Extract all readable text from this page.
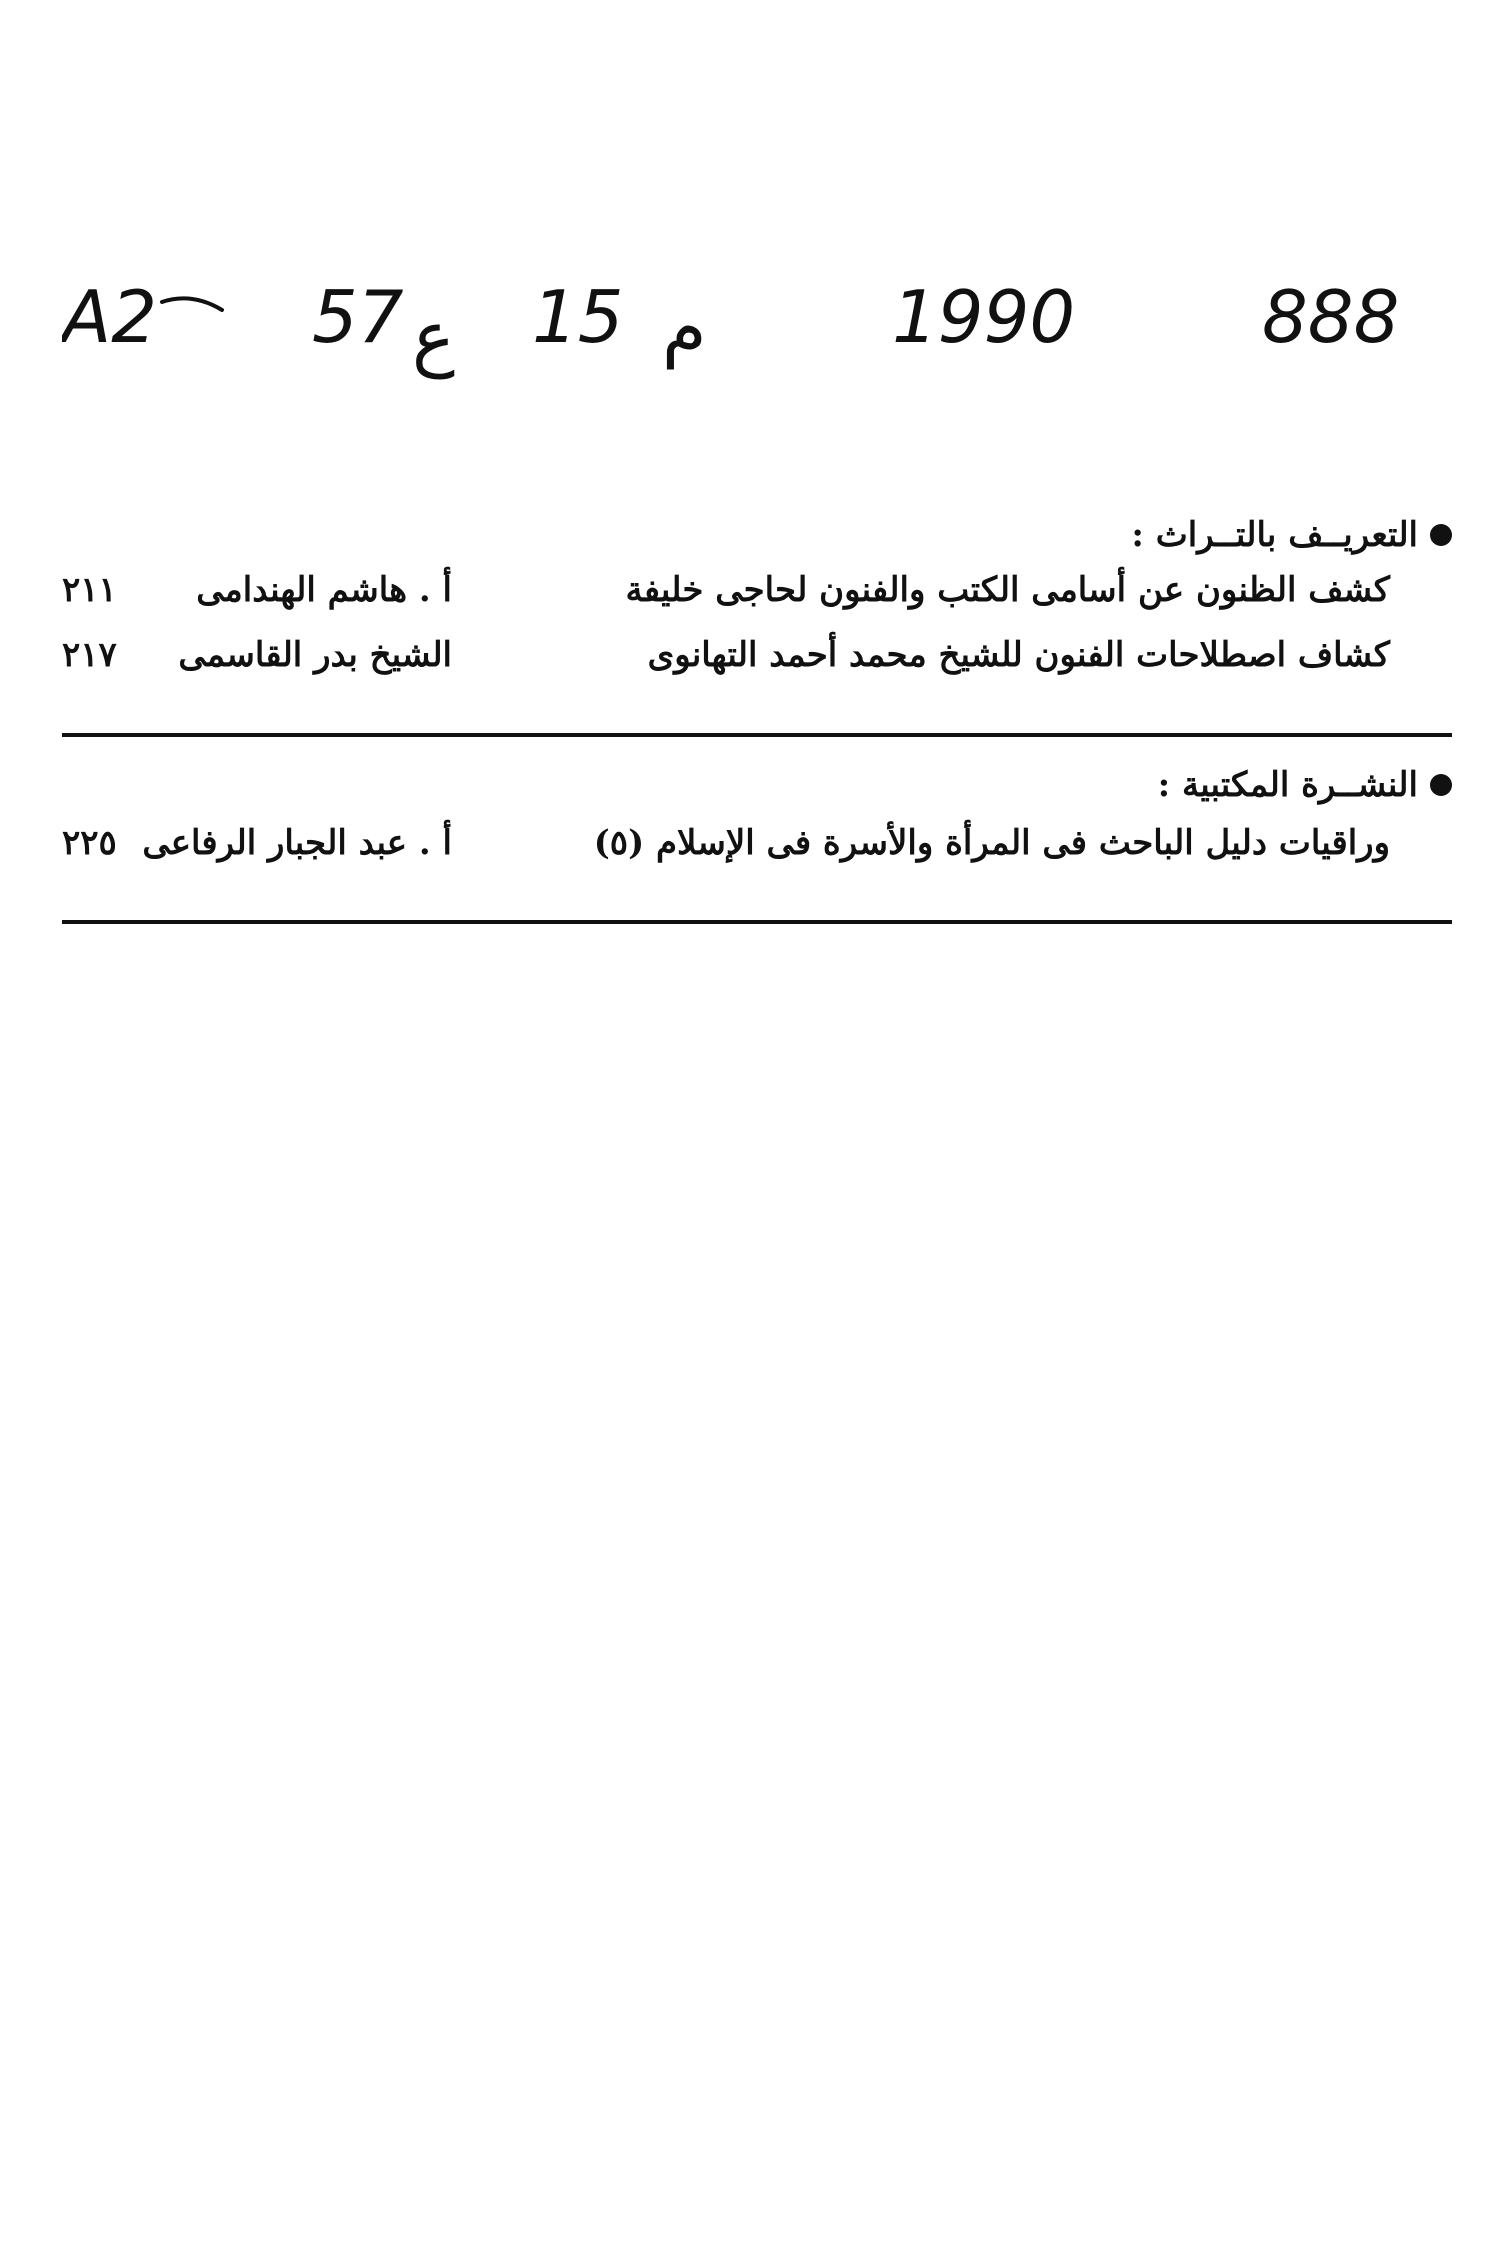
A2 57 ع 15 م	1990	888
التعريــف بالتــراث :
كشف الظنون عن أسامى الكتب والفنون لحاجى خليفة
أ . هاشم الهندامى
٢١١
كشاف اصطلاحات الفنون للشيخ محمد أحمد التهانوى
الشيخ بدر القاسمى
٢١٧
النشــرة المكتبية :
وراقيات دليل الباحث فى المرأة والأسرة فى الإسلام (٥)
أ . عبد الجبار الرفاعى
٢٢٥
